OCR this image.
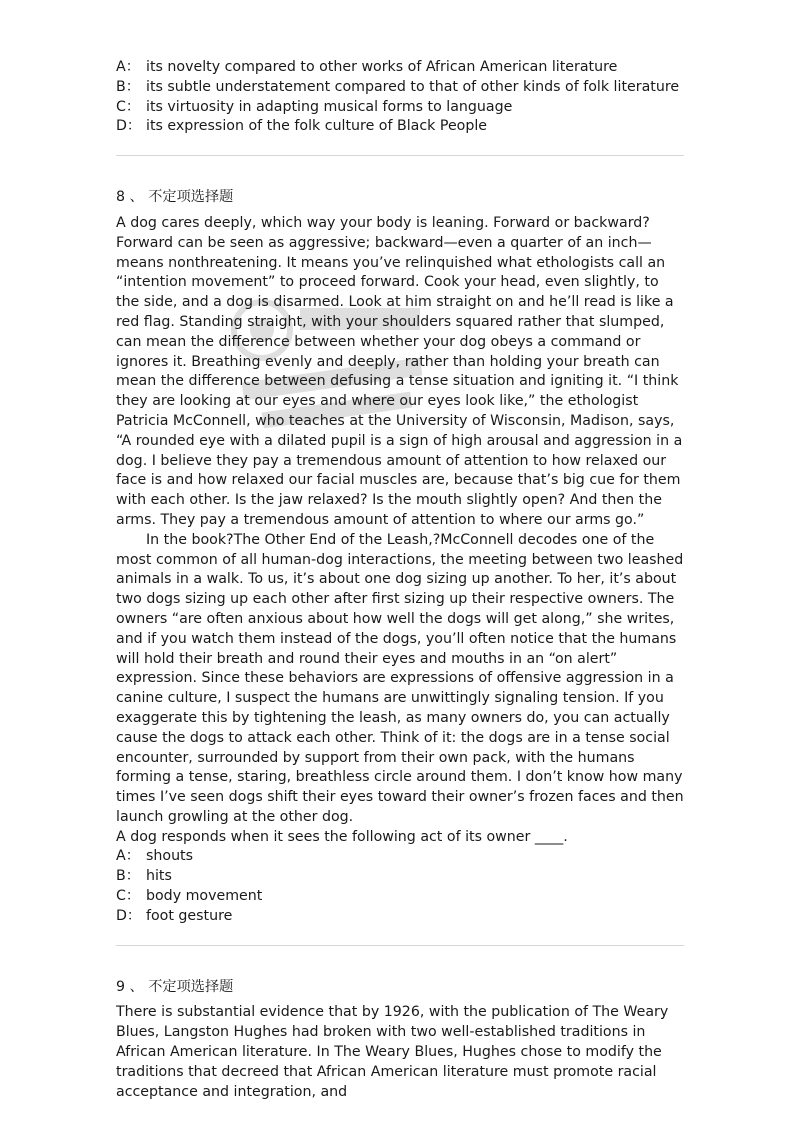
A： its novelty compared to other works of African American literature
B： its subtle understatement compared to that of other kinds of folk literature
C： its virtuosity in adapting musical forms to language
D： its expression of the folk culture of Black People

8 、 不定项选择题

A dog cares deeply, which way your body is leaning. Forward or backward? Forward can be seen as aggressive; backward—even a quarter of an inch—means nonthreatening. It means you’ve relinquished what ethologists call an “intention movement” to proceed forward. Cook your head, even slightly, to the side, and a dog is disarmed. Look at him straight on and he’ll read is like a red flag. Standing straight, with your shoulders squared rather that slumped, can mean the difference between whether your dog obeys a command or ignores it. Breathing evenly and deeply, rather than holding your breath can mean the difference between defusing a tense situation and igniting it. “I think they are looking at our eyes and where our eyes look like,” the ethologist Patricia McConnell, who teaches at the University of Wisconsin, Madison, says, “A rounded eye with a dilated pupil is a sign of high arousal and aggression in a dog. I believe they pay a tremendous amount of attention to how relaxed our face is and how relaxed our facial muscles are, because that’s big cue for them with each other. Is the jaw relaxed? Is the mouth slightly open? And then the arms. They pay a tremendous amount of attention to where our arms go.”

In the book?The Other End of the Leash,?McConnell decodes one of the most common of all human-dog interactions, the meeting between two leashed animals in a walk. To us, it’s about one dog sizing up another. To her, it’s about two dogs sizing up each other after first sizing up their respective owners. The owners “are often anxious about how well the dogs will get along,” she writes, and if you watch them instead of the dogs, you’ll often notice that the humans will hold their breath and round their eyes and mouths in an “on alert” expression. Since these behaviors are expressions of offensive aggression in a canine culture, I suspect the humans are unwittingly signaling tension. If you exaggerate this by tightening the leash, as many owners do, you can actually cause the dogs to attack each other. Think of it: the dogs are in a tense social encounter, surrounded by support from their own pack, with the humans forming a tense, staring, breathless circle around them. I don’t know how many times I’ve seen dogs shift their eyes toward their owner’s frozen faces and then launch growling at the other dog.

A dog responds when it sees the following act of its owner ____.

A： shouts
B： hits
C： body movement
D： foot gesture

9 、 不定项选择题

There is substantial evidence that by 1926, with the publication of The Weary Blues, Langston Hughes had broken with two well-established traditions in African American literature. In The Weary Blues, Hughes chose to modify the traditions that decreed that African American literature must promote racial acceptance and integration, and
